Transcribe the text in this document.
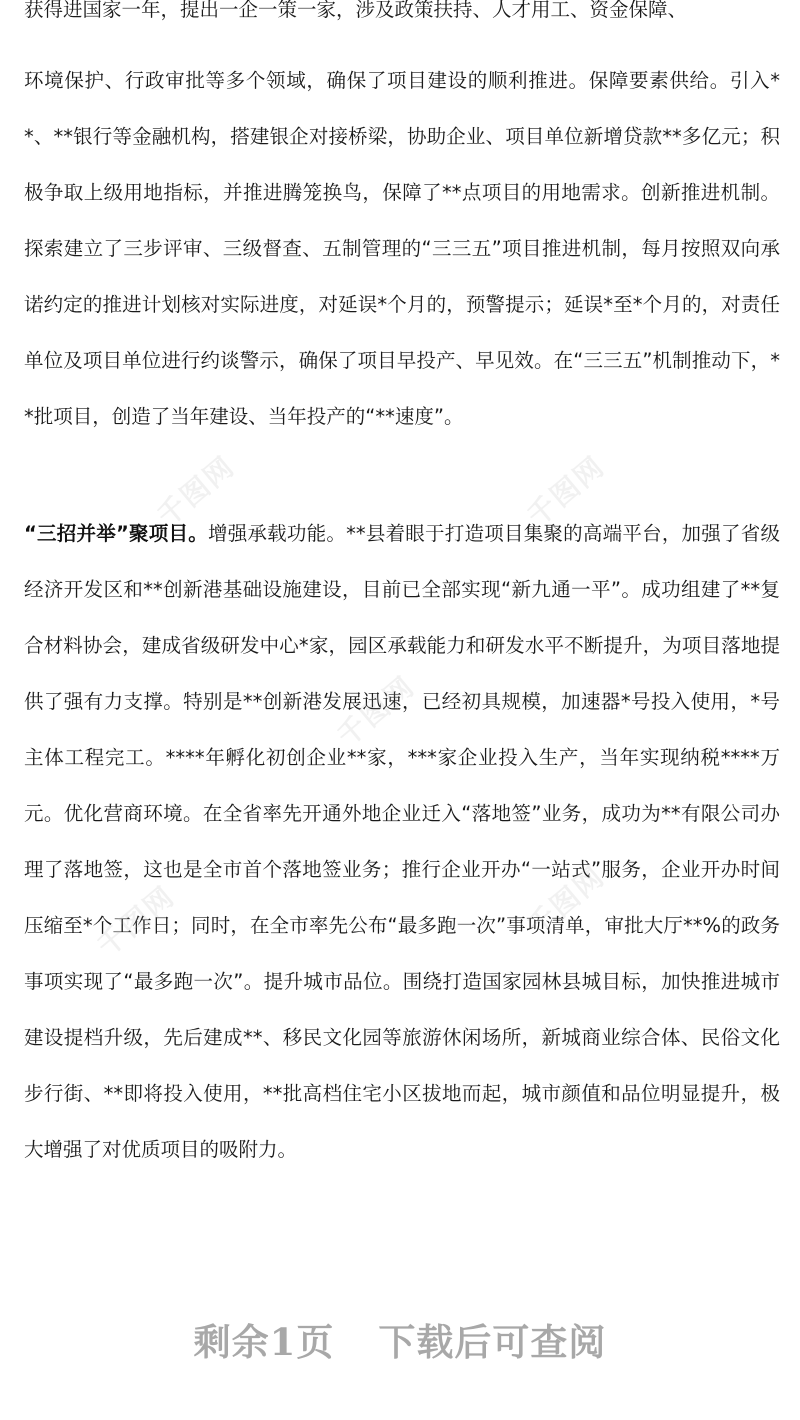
获得进国家一年，提出一企一策一家，涉及政策扶持、人才用工、资金保障、

环境保护、行政审批等多个领域，确保了项目建设的顺利推进。保障要素供给。引入**、**银行等金融机构，搭建银企对接桥梁，协助企业、项目单位新增贷款**多亿元；积极争取上级用地指标，并推进腾笼换鸟，保障了**点项目的用地需求。创新推进机制。探索建立了三步评审、三级督查、五制管理的“三三五”项目推进机制，每月按照双向承诺约定的推进计划核对实际进度，对延误*个月的，预警提示；延误*至*个月的，对责任单位及项目单位进行约谈警示，确保了项目早投产、早见效。在“三三五”机制推动下，**批项目，创造了当年建设、当年投产的“**速度”。

“三招并举”聚项目。增强承载功能。**县着眼于打造项目集聚的高端平台，加强了省级经济开发区和**创新港基础设施建设，目前已全部实现“新九通一平”。成功组建了**复合材料协会，建成省级研发中心*家，园区承载能力和研发水平不断提升，为项目落地提供了强有力支撑。特别是**创新港发展迅速，已经初具规模，加速器*号投入使用，*号主体工程完工。****年孵化初创企业**家，***家企业投入生产，当年实现纳税****万元。优化营商环境。在全省率先开通外地企业迁入“落地签”业务，成功为**有限公司办理了落地签，这也是全市首个落地签业务；推行企业开办“一站式”服务，企业开办时间压缩至*个工作日；同时，在全市率先公布“最多跑一次”事项清单，审批大厅**%的政务事项实现了“最多跑一次”。提升城市品位。围绕打造国家园林县城目标，加快推进城市建设提档升级，先后建成**、移民文化园等旅游休闲场所，新城商业综合体、民俗文化步行街、**即将投入使用，**批高档住宅小区拔地而起，城市颜值和品位明显提升，极大增强了对优质项目的吸附力。

千图网	千图网
千图网
千图网	千图网
剩余1页 下载后可查阅
